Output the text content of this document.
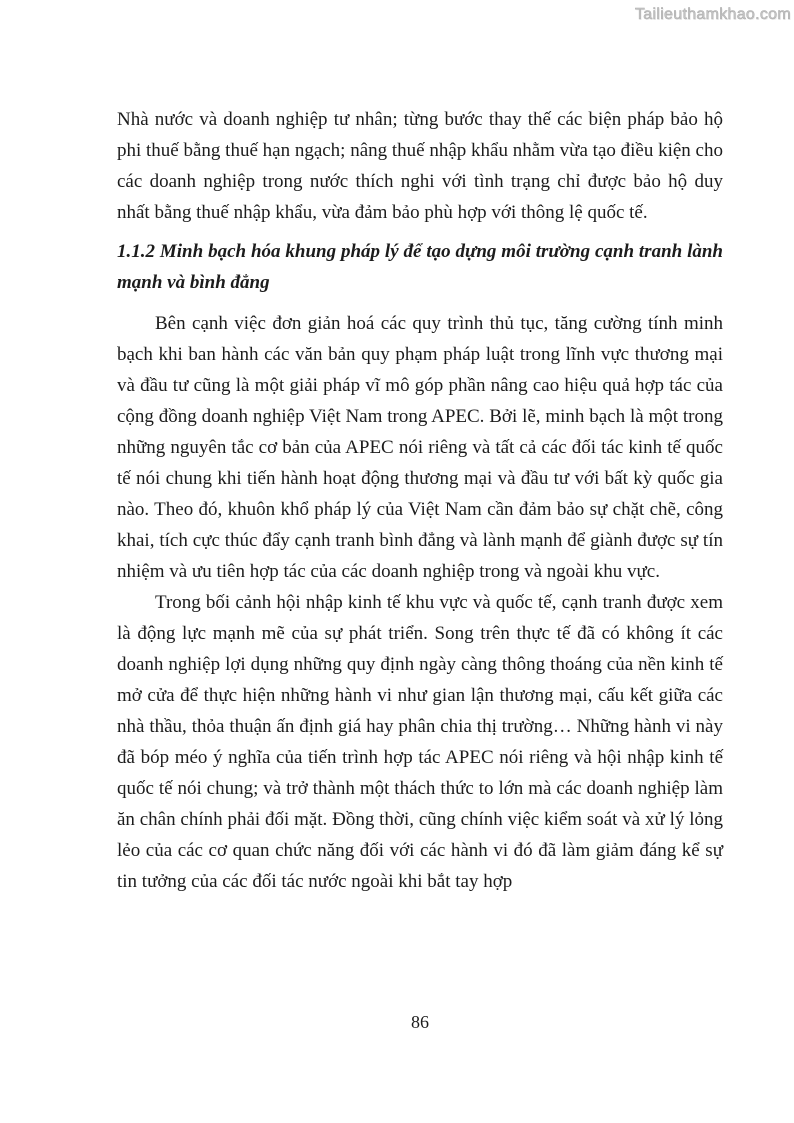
Tailieuthamkhao.com

Nhà nước và doanh nghiệp tư nhân; từng bước thay thế các biện pháp bảo hộ phi thuế bằng thuế hạn ngạch; nâng thuế nhập khẩu nhằm vừa tạo điều kiện cho các doanh nghiệp trong nước thích nghi với tình trạng chỉ được bảo hộ duy nhất bằng thuế nhập khẩu, vừa đảm bảo phù hợp với thông lệ quốc tế.

1.1.2 Minh bạch hóa khung pháp lý để tạo dựng môi trường cạnh tranh lành mạnh và bình đẳng

Bên cạnh việc đơn giản hoá các quy trình thủ tục, tăng cường tính minh bạch khi ban hành các văn bản quy phạm pháp luật trong lĩnh vực thương mại và đầu tư cũng là một giải pháp vĩ mô góp phần nâng cao hiệu quả hợp tác của cộng đồng doanh nghiệp Việt Nam trong APEC. Bởi lẽ, minh bạch là một trong những nguyên tắc cơ bản của APEC nói riêng và tất cả các đối tác kinh tế quốc tế nói chung khi tiến hành hoạt động thương mại và đầu tư với bất kỳ quốc gia nào. Theo đó, khuôn khổ pháp lý của Việt Nam cần đảm bảo sự chặt chẽ, công khai, tích cực thúc đẩy cạnh tranh bình đẳng và lành mạnh để giành được sự tín nhiệm và ưu tiên hợp tác của các doanh nghiệp trong và ngoài khu vực.

Trong bối cảnh hội nhập kinh tế khu vực và quốc tế, cạnh tranh được xem là động lực mạnh mẽ của sự phát triển. Song trên thực tế đã có không ít các doanh nghiệp lợi dụng những quy định ngày càng thông thoáng của nền kinh tế mở cửa để thực hiện những hành vi như gian lận thương mại, cấu kết giữa các nhà thầu, thỏa thuận ấn định giá hay phân chia thị trường… Những hành vi này đã bóp méo ý nghĩa của tiến trình hợp tác APEC nói riêng và hội nhập kinh tế quốc tế nói chung; và trở thành một thách thức to lớn mà các doanh nghiệp làm ăn chân chính phải đối mặt. Đồng thời, cũng chính việc kiểm soát và xử lý lỏng lẻo của các cơ quan chức năng đối với các hành vi đó đã làm giảm đáng kể sự tin tưởng của các đối tác nước ngoài khi bắt tay hợp

86
